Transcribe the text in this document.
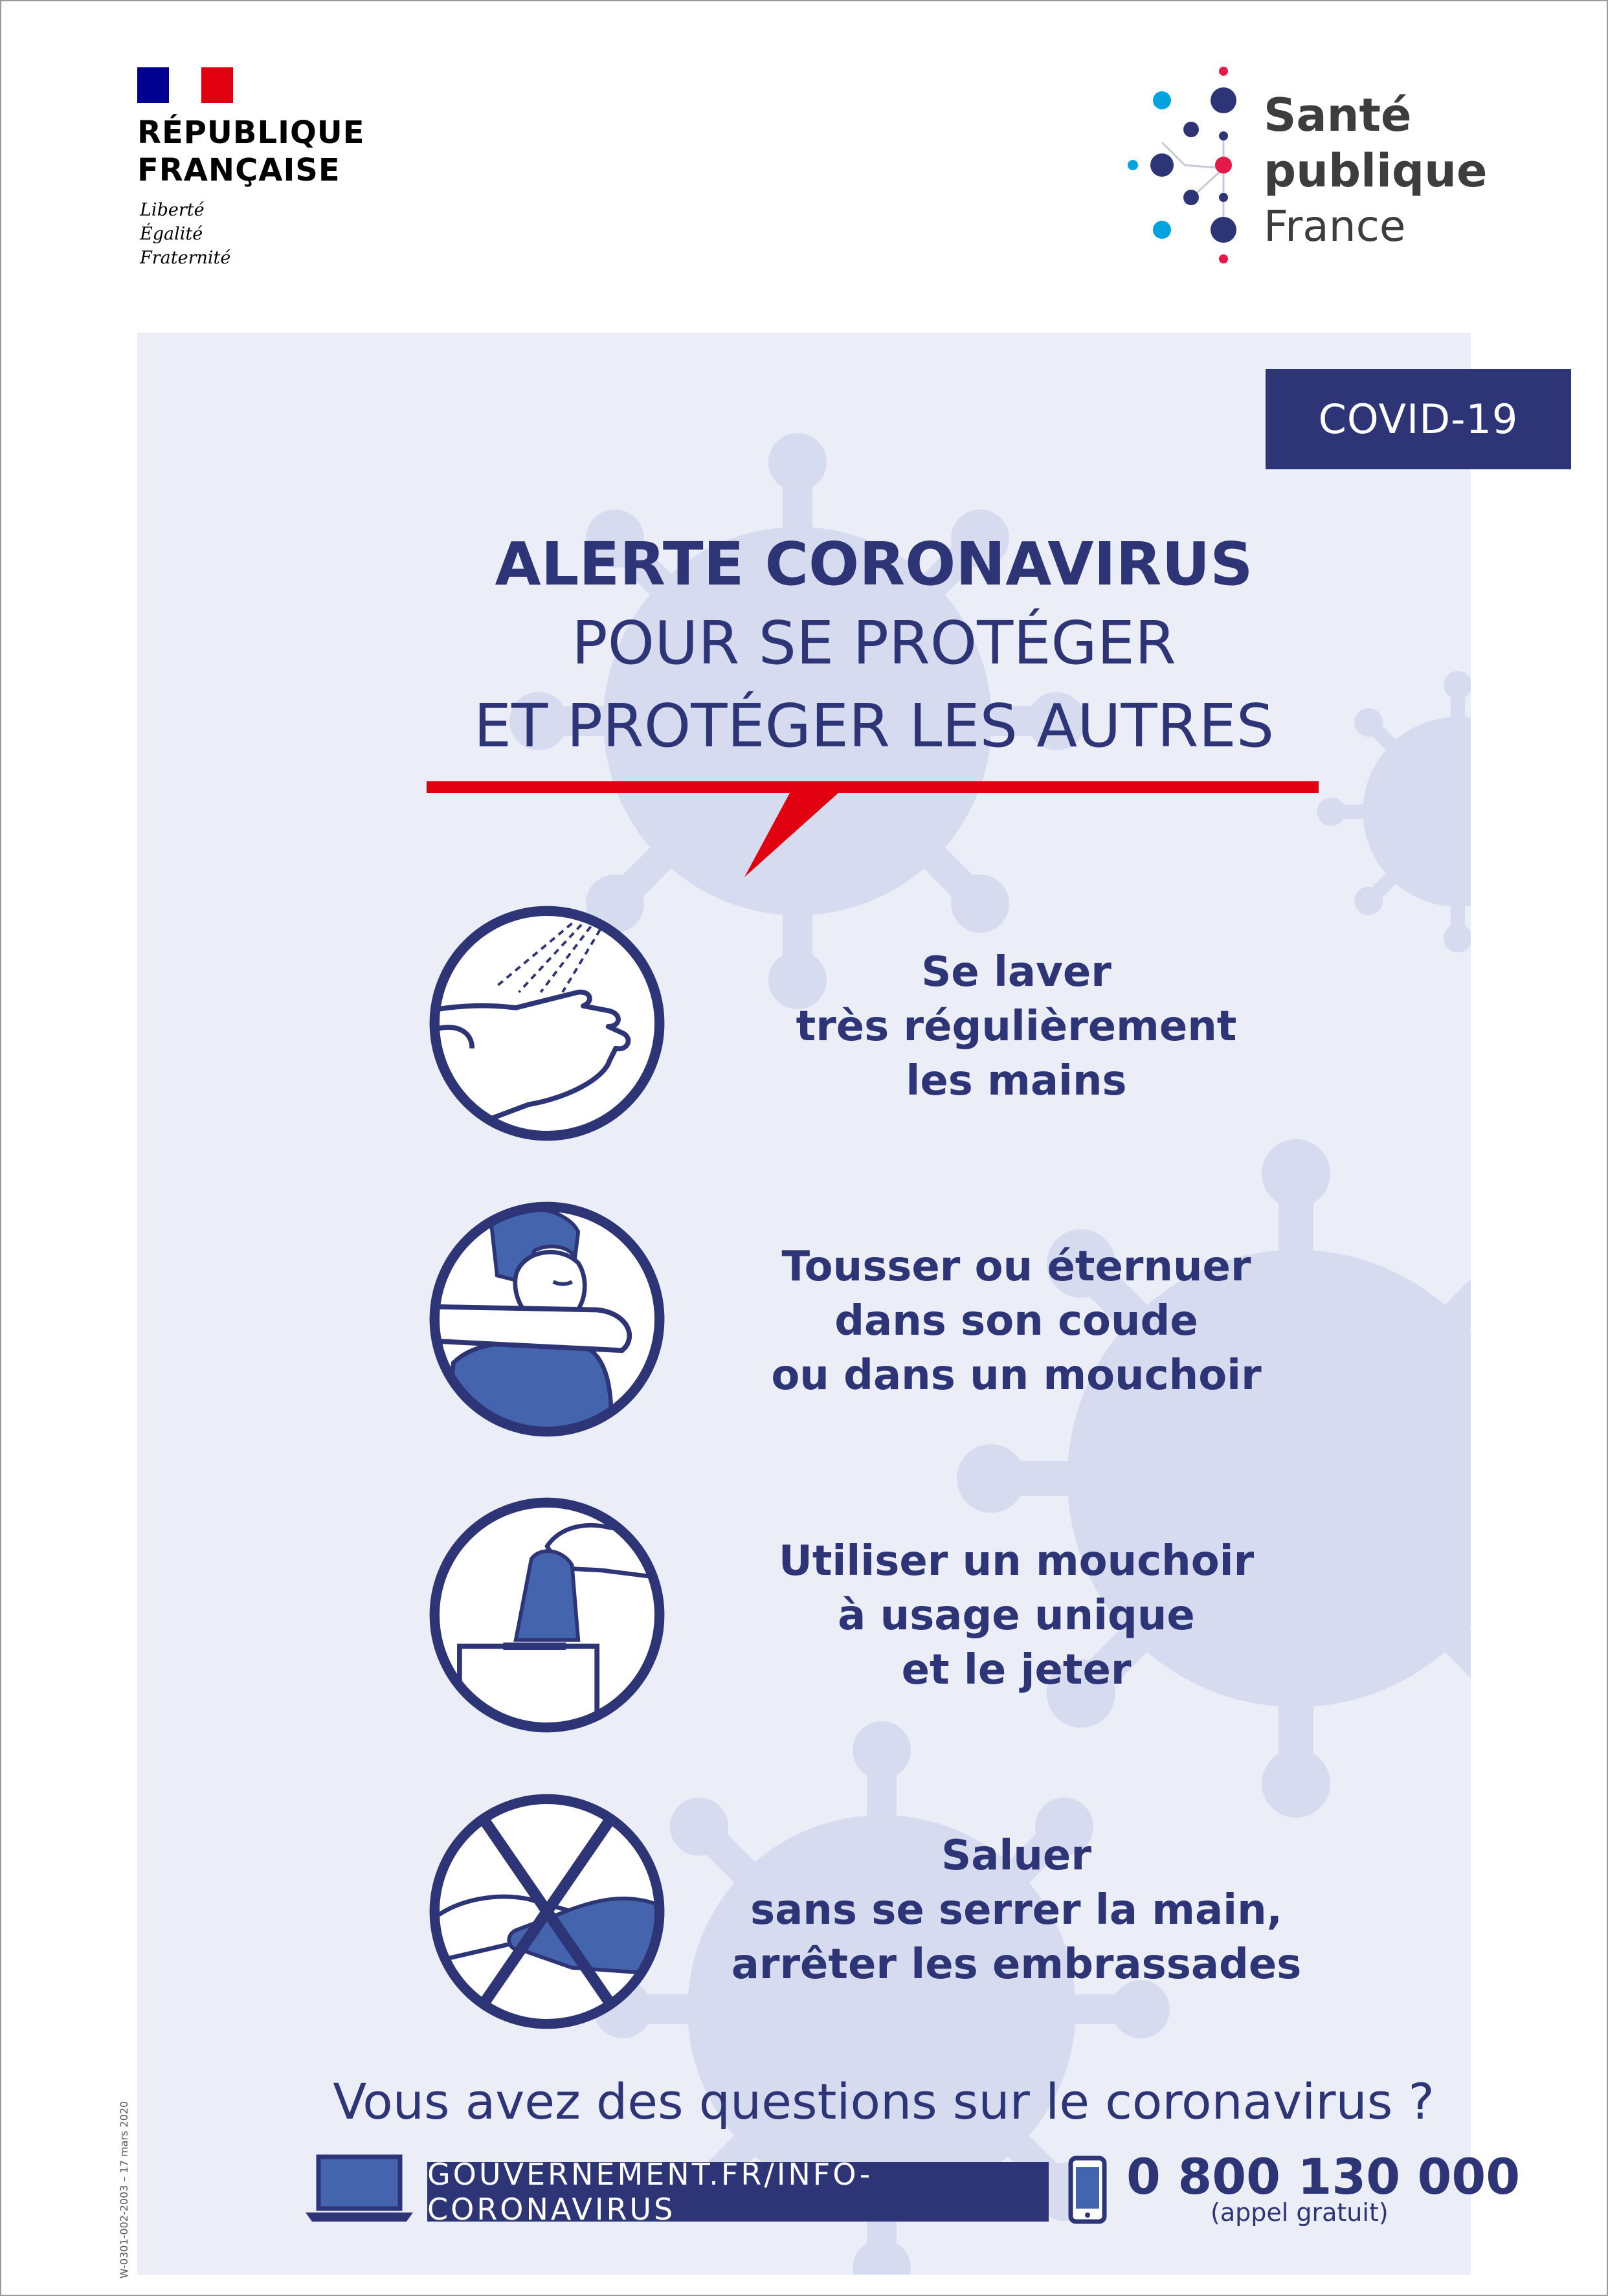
RÉPUBLIQUE
FRANÇAISE
Liberté
Égalité
Fraternité
Santé
publique
France
COVID-19
ALERTE CORONAVIRUS
POUR SE PROTÉGER
ET PROTÉGER LES AUTRES
Se laver
très régulièrement
les mains
Tousser ou éternuer
dans son coude
ou dans un mouchoir
Utiliser un mouchoir
à usage unique
et le jeter
Saluer
sans se serrer la main,
arrêter les embrassades
Vous avez des questions sur le coronavirus ?
GOUVERNEMENT.FR/INFO-CORONAVIRUS
0 800 130 000
(appel gratuit)
W-0301-002-2003 – 17 mars 2020
